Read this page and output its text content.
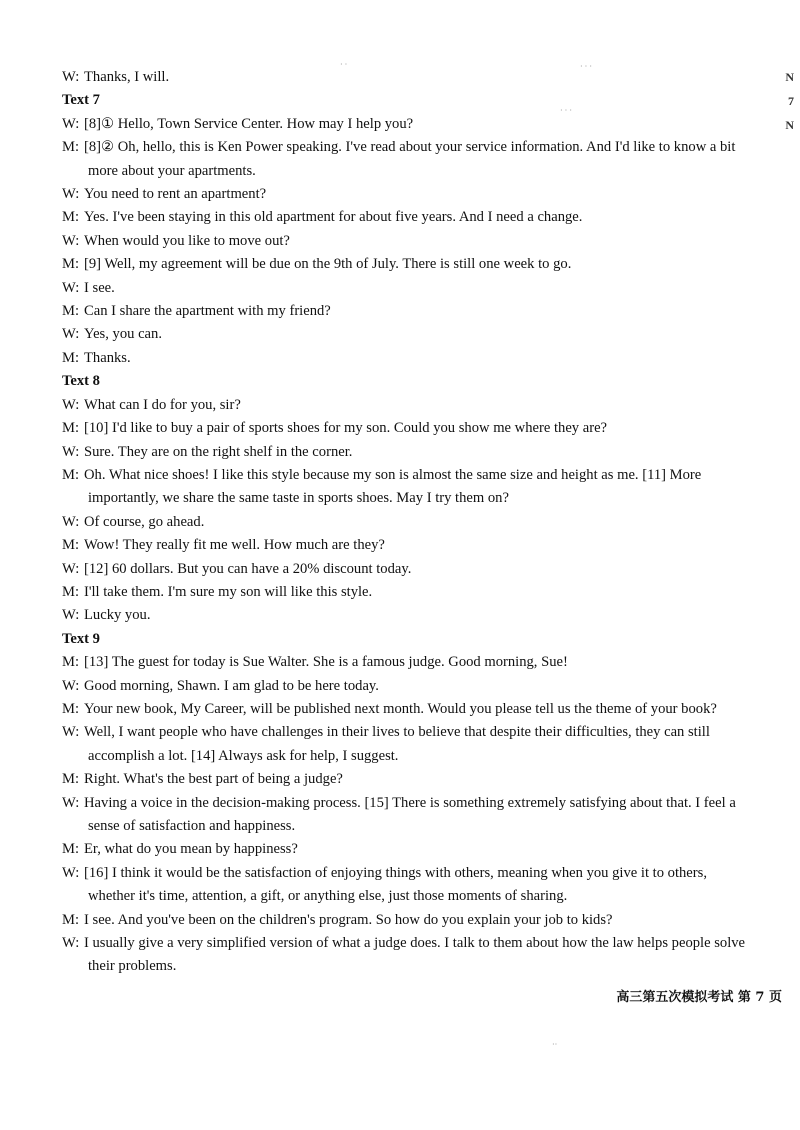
W: Thanks, I will.
Text 7
W: [8]① Hello, Town Service Center. How may I help you?
M: [8]② Oh, hello, this is Ken Power speaking. I've read about your service information. And I'd like to know a bit more about your apartments.
W: You need to rent an apartment?
M: Yes. I've been staying in this old apartment for about five years. And I need a change.
W: When would you like to move out?
M: [9] Well, my agreement will be due on the 9th of July. There is still one week to go.
W: I see.
M: Can I share the apartment with my friend?
W: Yes, you can.
M: Thanks.
Text 8
W: What can I do for you, sir?
M: [10] I'd like to buy a pair of sports shoes for my son. Could you show me where they are?
W: Sure. They are on the right shelf in the corner.
M: Oh. What nice shoes! I like this style because my son is almost the same size and height as me. [11] More importantly, we share the same taste in sports shoes. May I try them on?
W: Of course, go ahead.
M: Wow! They really fit me well. How much are they?
W: [12] 60 dollars. But you can have a 20% discount today.
M: I'll take them. I'm sure my son will like this style.
W: Lucky you.
Text 9
M: [13] The guest for today is Sue Walter. She is a famous judge. Good morning, Sue!
W: Good morning, Shawn. I am glad to be here today.
M: Your new book, My Career, will be published next month. Would you please tell us the theme of your book?
W: Well, I want people who have challenges in their lives to believe that despite their difficulties, they can still accomplish a lot. [14] Always ask for help, I suggest.
M: Right. What's the best part of being a judge?
W: Having a voice in the decision-making process. [15] There is something extremely satisfying about that. I feel a sense of satisfaction and happiness.
M: Er, what do you mean by happiness?
W: [16] I think it would be the satisfaction of enjoying things with others, meaning when you give it to others, whether it's time, attention, a gift, or anything else, just those moments of sharing.
M: I see. And you've been on the children's program. So how do you explain your job to kids?
W: I usually give a very simplified version of what a judge does. I talk to them about how the law helps people solve their problems.
N
7
N
· ·	· · ·
· · ·
··
高三第五次模拟考试 第 7 页
